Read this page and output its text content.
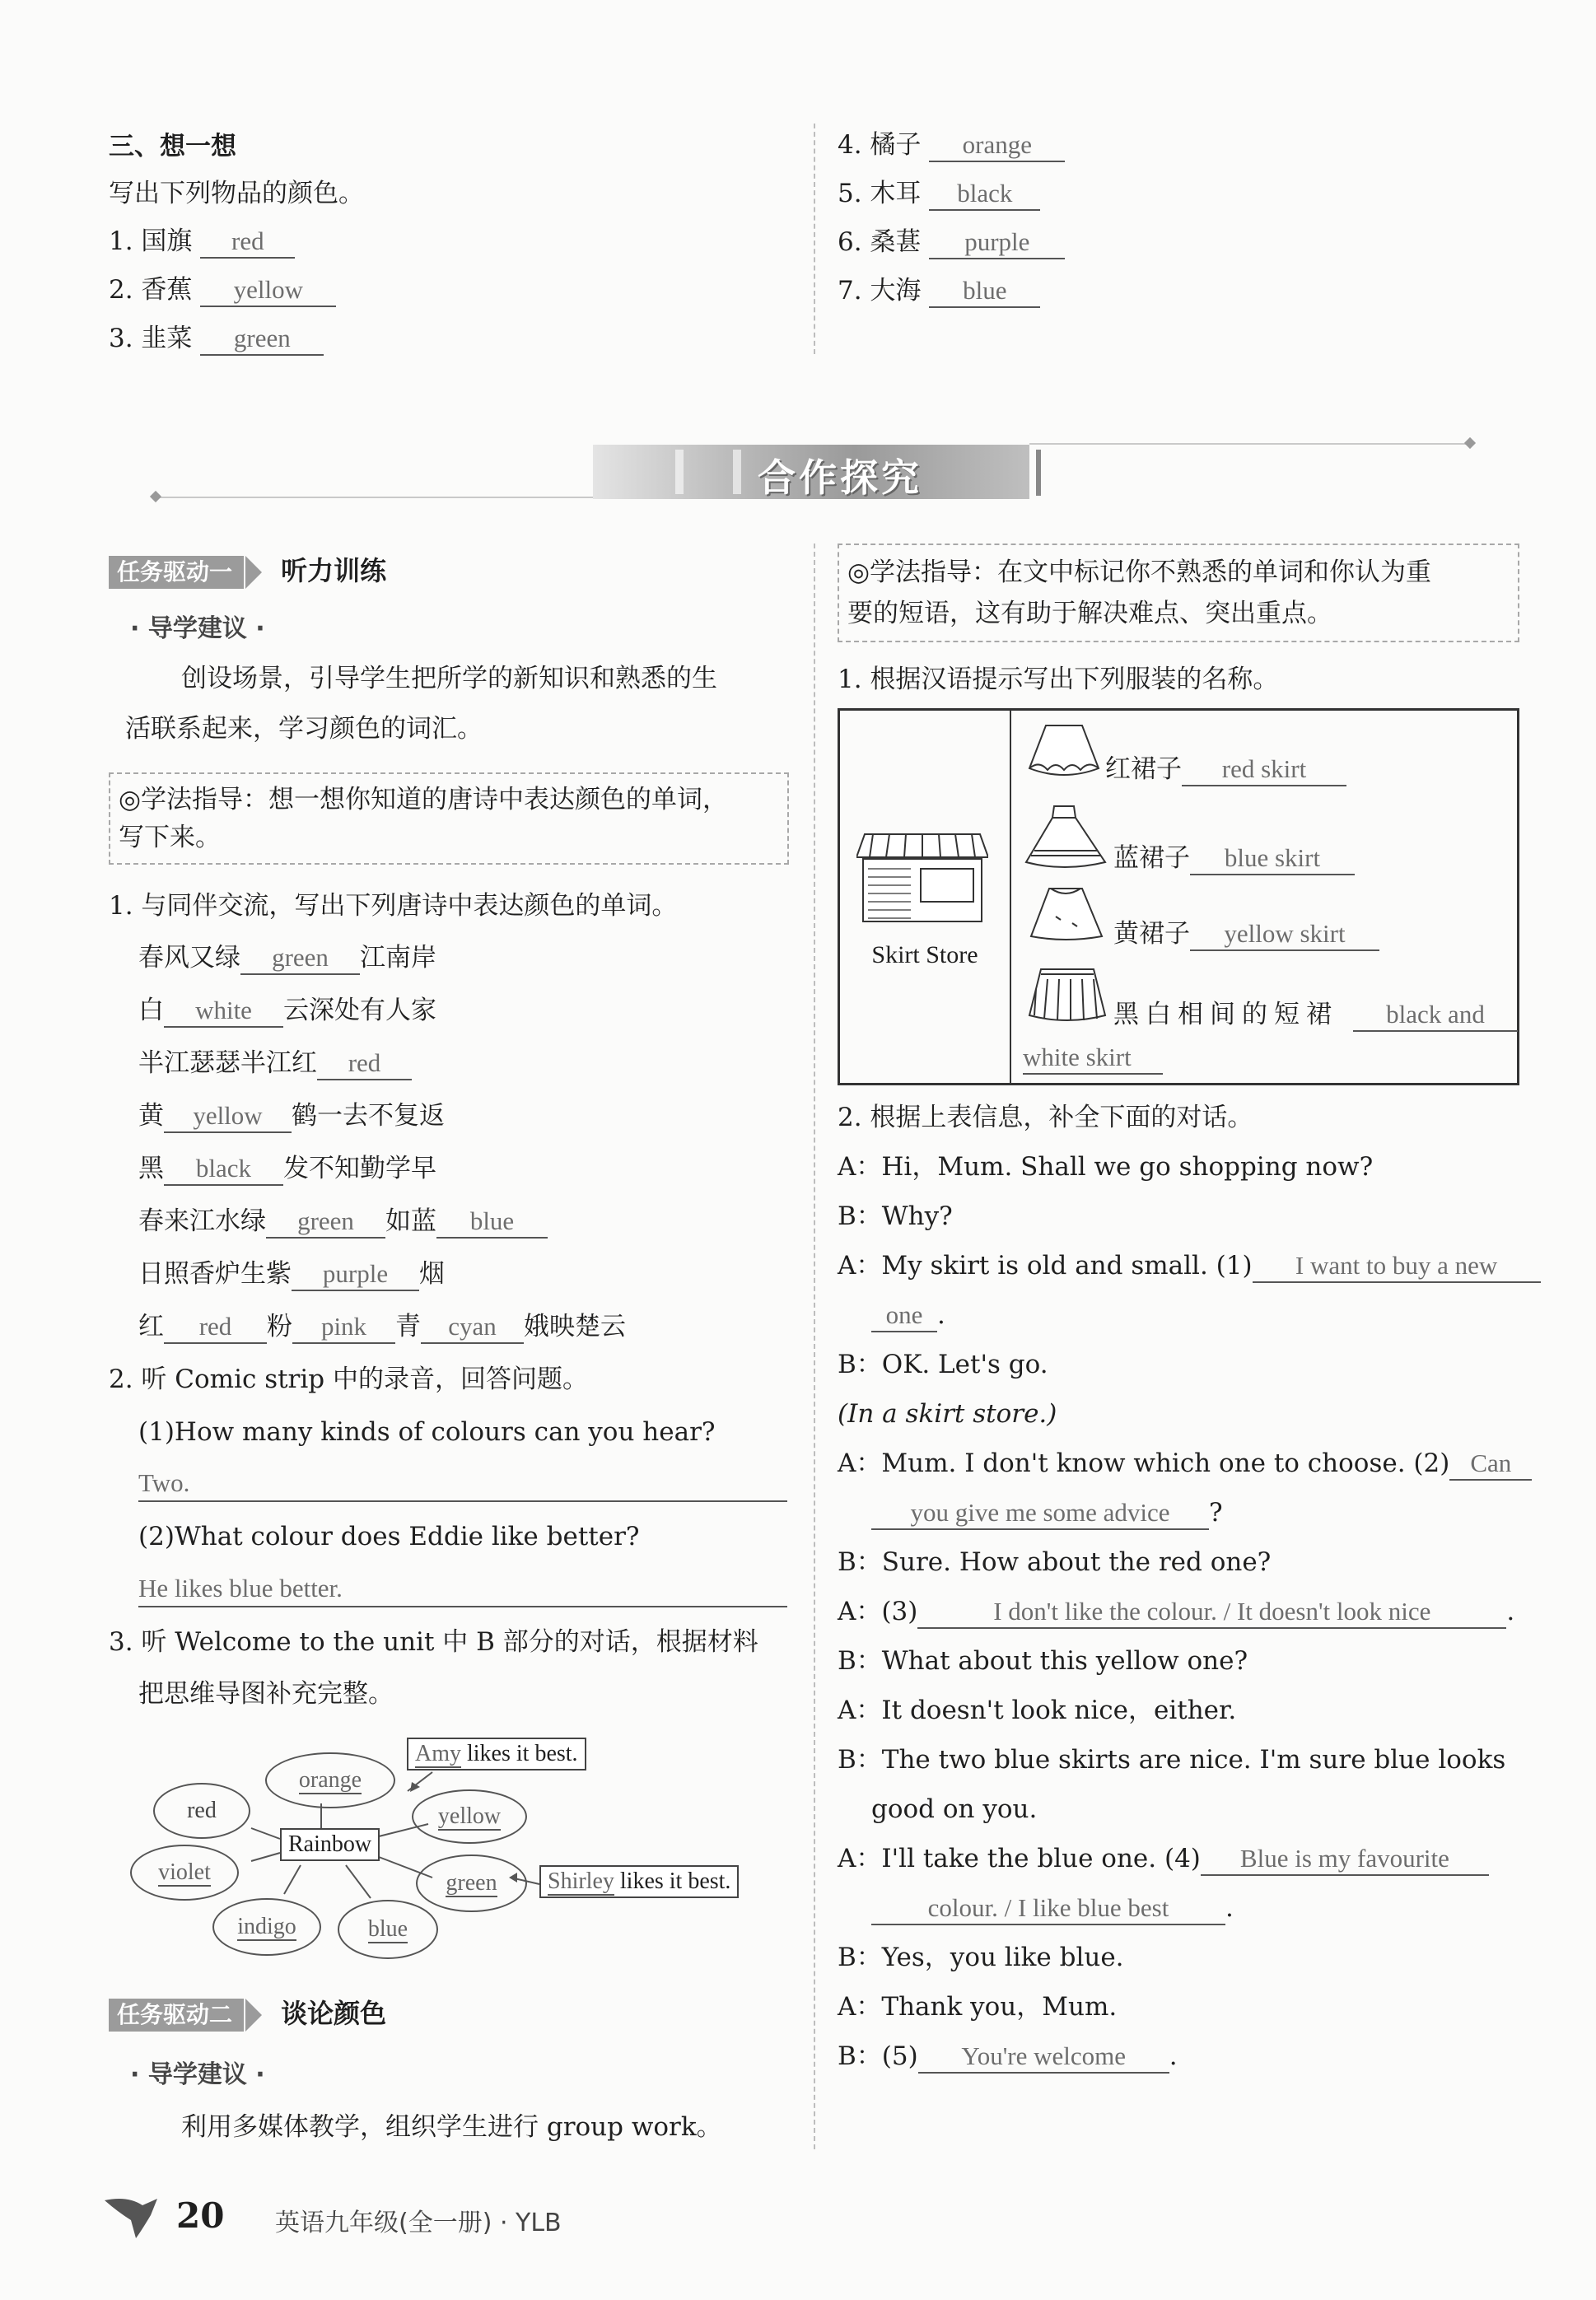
三、想一想
写出下列物品的颜色。
1. 国旗 red
2. 香蕉 yellow
3. 韭菜 green
4. 橘子 orange
5. 木耳 black
6. 桑葚 purple
7. 大海 blue
合作探究
任务驱动一 听力训练
· 导学建议 ·
创设场景，引导学生把所学的新知识和熟悉的生
活联系起来，学习颜色的词汇。
◎学法指导：想一想你知道的唐诗中表达颜色的单词，
写下来。
1. 与同伴交流，写出下列唐诗中表达颜色的单词。
春风又绿 green 江南岸
白 white 云深处有人家
半江瑟瑟半江红 red
黄 yellow 鹤一去不复返
黑 black 发不知勤学早
春来江水绿 green 如蓝 blue
日照香炉生紫 purple 烟
红 red 粉 pink 青 cyan 娥映楚云
2. 听 Comic strip 中的录音，回答问题。
(1)How many kinds of colours can you hear?
Two.
(2)What colour does Eddie like better?
He likes blue better.
3. 听 Welcome to the unit 中 B 部分的对话，根据材料
把思维导图补充完整。
Rainbow
red
orange
yellow
green
blue
indigo
violet
Amy likes it best.
Shirley likes it best.
任务驱动二 谈论颜色
· 导学建议 ·
利用多媒体教学，组织学生进行 group work。
◎学法指导：在文中标记你不熟悉的单词和你认为重
要的短语，这有助于解决难点、突出重点。
1. 根据汉语提示写出下列服装的名称。
Skirt Store
红裙子 red skirt
蓝裙子 blue skirt
黄裙子 yellow skirt
黑白相间的短裙 black and
white skirt
2. 根据上表信息，补全下面的对话。
A：Hi，Mum. Shall we go shopping now?
B：Why?
A：My skirt is old and small. (1) I want to buy a new
one .
B：OK. Let's go.
(In a skirt store.)
A：Mum. I don't know which one to choose. (2) Can
you give me some advice ?
B：Sure. How about the red one?
A：(3)	I don't like the colour. / It doesn't look nice	.
B：What about this yellow one?
A：It doesn't look nice，either.
B：The two blue skirts are nice. I'm sure blue looks
good on you.
A：I'll take the blue one. (4) Blue is my favourite
colour. / I like blue best .
B：Yes，you like blue.
A：Thank you，Mum.
B：(5) You're welcome .
20 英语九年级(全一册) · YLB
